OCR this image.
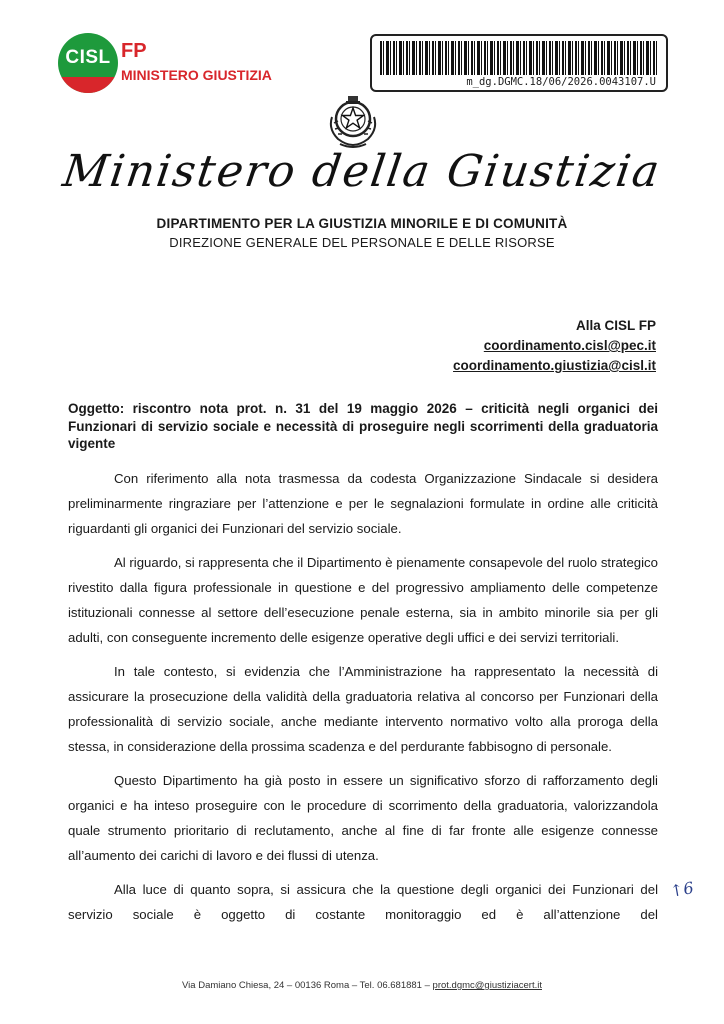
CISL FP
MINISTERO GIUSTIZIA	m_dg.DGMC.18/06/2026.0043107.U
Ministero della Giustizia
DIPARTIMENTO PER LA GIUSTIZIA MINORILE E DI COMUNITÀ
DIREZIONE GENERALE DEL PERSONALE E DELLE RISORSE
Alla CISL FP
coordinamento.cisl@pec.it
coordinamento.giustizia@cisl.it
Oggetto: riscontro nota prot. n. 31 del 19 maggio 2026 – criticità negli organici dei Funzionari di servizio sociale e necessità di proseguire negli scorrimenti della graduatoria vigente

Con riferimento alla nota trasmessa da codesta Organizzazione Sindacale si desidera preliminarmente ringraziare per l’attenzione e per le segnalazioni formulate in ordine alle criticità riguardanti gli organici dei Funzionari del servizio sociale.

Al riguardo, si rappresenta che il Dipartimento è pienamente consapevole del ruolo strategico rivestito dalla figura professionale in questione e del progressivo ampliamento delle competenze istituzionali connesse al settore dell’esecuzione penale esterna, sia in ambito minorile sia per gli adulti, con conseguente incremento delle esigenze operative degli uffici e dei servizi territoriali.

In tale contesto, si evidenzia che l’Amministrazione ha rappresentato la necessità di assicurare la prosecuzione della validità della graduatoria relativa al concorso per Funzionari della professionalità di servizio sociale, anche mediante intervento normativo volto alla proroga della stessa, in considerazione della prossima scadenza e del perdurante fabbisogno di personale.

Questo Dipartimento ha già posto in essere un significativo sforzo di rafforzamento degli organici e ha inteso proseguire con le procedure di scorrimento della graduatoria, valorizzandola quale strumento prioritario di reclutamento, anche al fine di far fronte alle esigenze connesse all’aumento dei carichi di lavoro e dei flussi di utenza.

Alla luce di quanto sopra, si assicura che la questione degli organici dei Funzionari del servizio sociale è oggetto di costante monitoraggio ed è all’attenzione del

↑6
Via Damiano Chiesa, 24 – 00136 Roma – Tel. 06.681881 – prot.dgmc@giustiziacert.it
